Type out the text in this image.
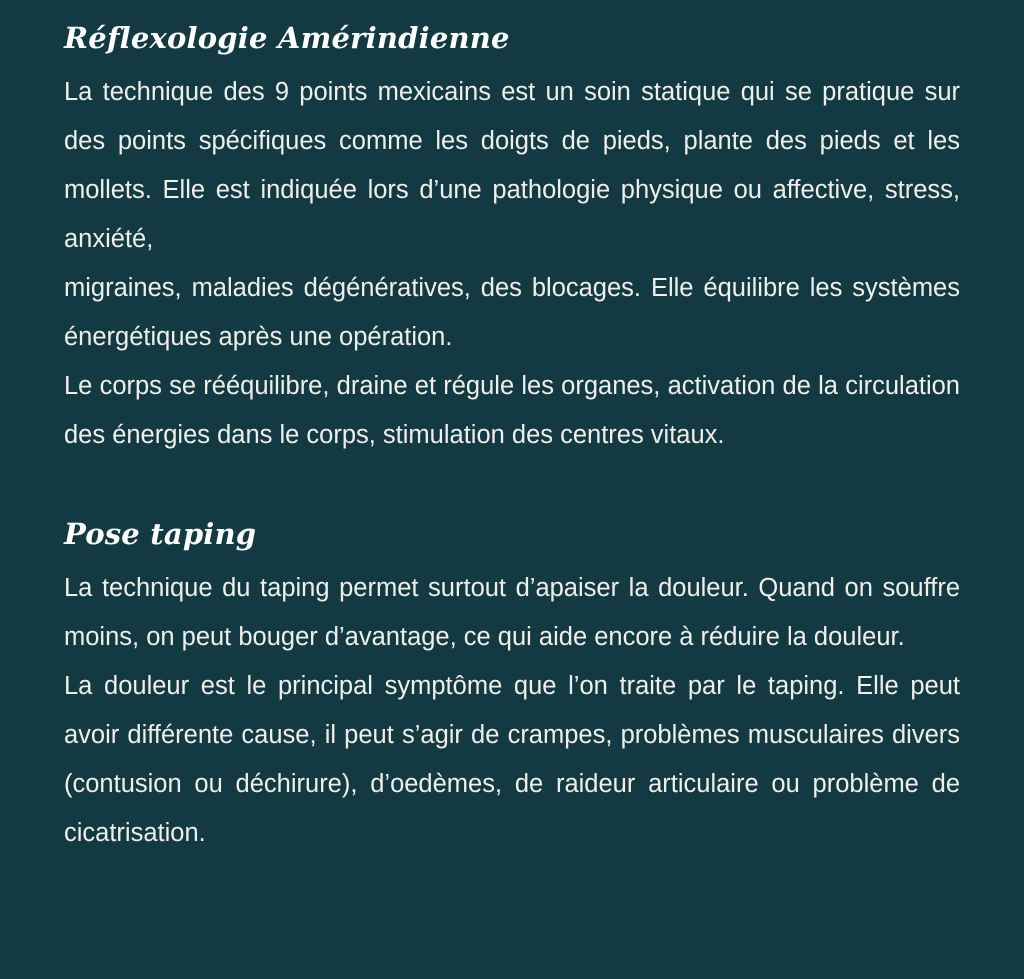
Réflexologie Amérindienne

La technique des 9 points mexicains est un soin statique qui se pratique sur des points spécifiques comme les doigts de pieds, plante des pieds et les mollets. Elle est indiquée lors d’une pathologie physique ou affective, stress, anxiété,

migraines, maladies dégénératives, des blocages. Elle équilibre les systèmes énergétiques après une opération.

Le corps se rééquilibre, draine et régule les organes, activation de la circulation des énergies dans le corps, stimulation des centres vitaux.

Pose taping

La technique du taping permet surtout d’apaiser la douleur. Quand on souffre moins, on peut bouger d’avantage, ce qui aide encore à réduire la douleur.

La douleur est le principal symptôme que l’on traite par le taping. Elle peut avoir différente cause, il peut s’agir de crampes, problèmes musculaires divers (contusion ou déchirure), d’oedèmes, de raideur articulaire ou problème de cicatrisation.
